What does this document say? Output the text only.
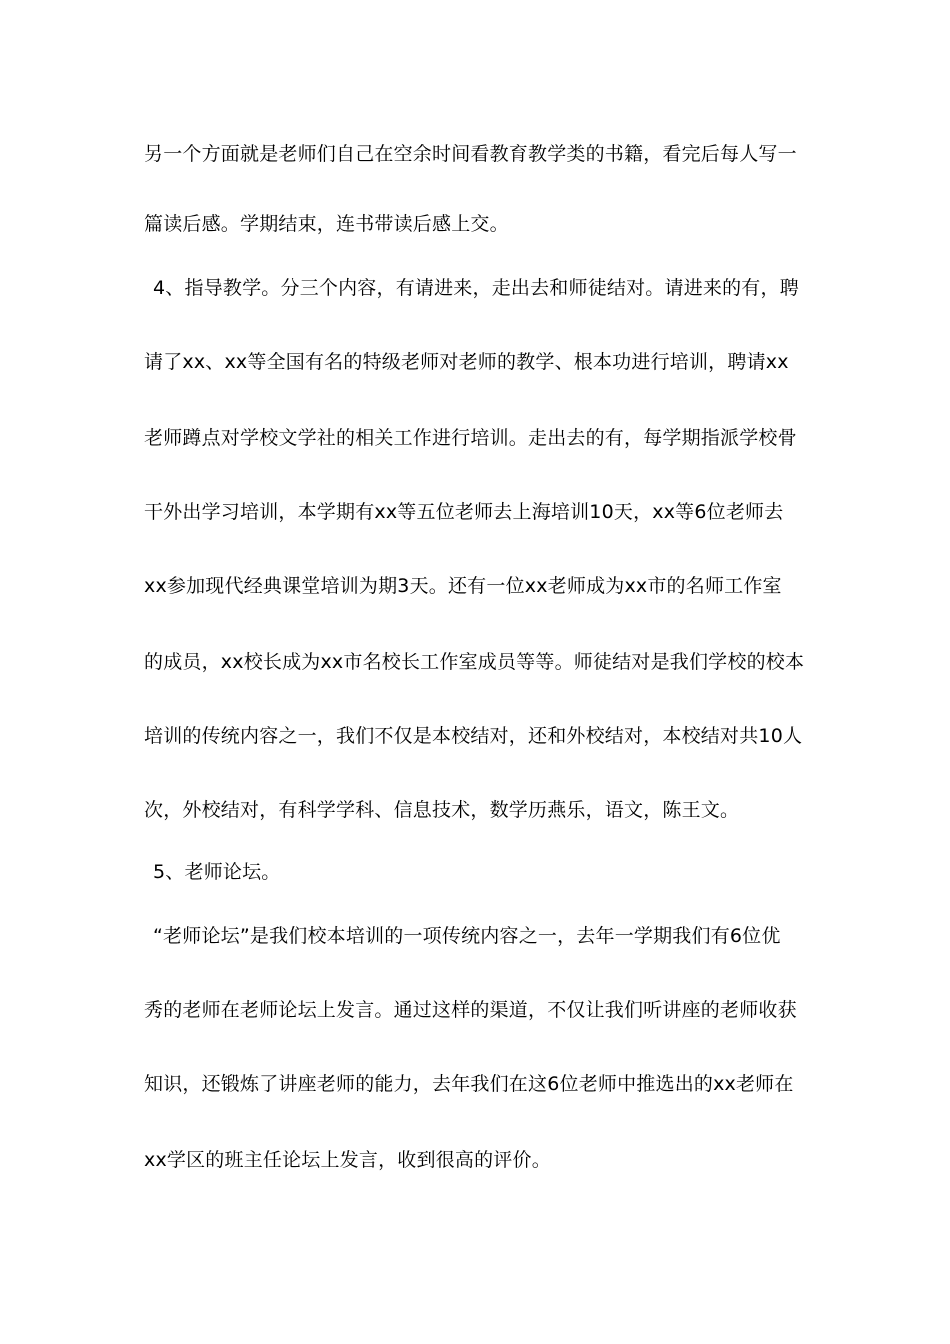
另一个方面就是老师们自己在空余时间看教育教学类的书籍，看完后每人写一
篇读后感。学期结束，连书带读后感上交。
4、指导教学。分三个内容，有请进来，走出去和师徒结对。请进来的有，聘
请了xx、xx等全国有名的特级老师对老师的教学、根本功进行培训，聘请xx
老师蹲点对学校文学社的相关工作进行培训。走出去的有，每学期指派学校骨
干外出学习培训，本学期有xx等五位老师去上海培训10天，xx等6位老师去
xx参加现代经典课堂培训为期3天。还有一位xx老师成为xx市的名师工作室
的成员，xx校长成为xx市名校长工作室成员等等。师徒结对是我们学校的校本
培训的传统内容之一，我们不仅是本校结对，还和外校结对，本校结对共10人
次，外校结对，有科学学科、信息技术，数学历燕乐，语文，陈王文。
5、老师论坛。
“老师论坛”是我们校本培训的一项传统内容之一，去年一学期我们有6位优
秀的老师在老师论坛上发言。通过这样的渠道，不仅让我们听讲座的老师收获
知识，还锻炼了讲座老师的能力，去年我们在这6位老师中推选出的xx老师在
xx学区的班主任论坛上发言，收到很高的评价。
